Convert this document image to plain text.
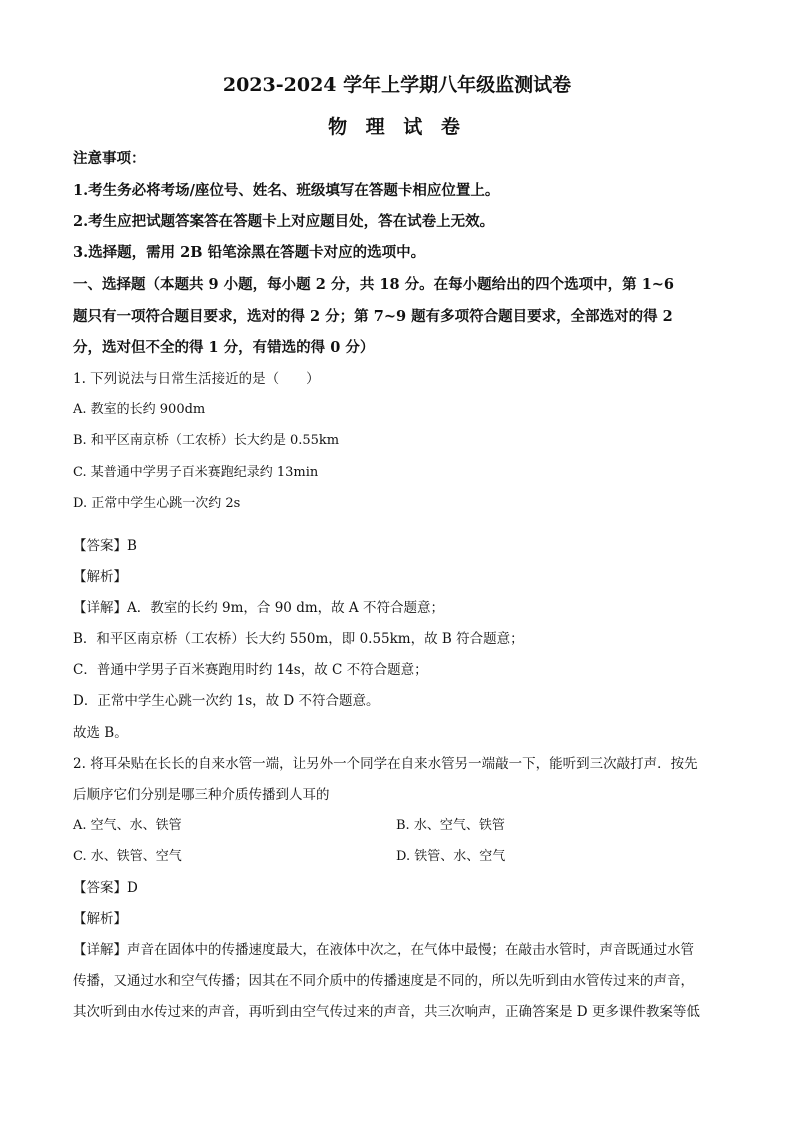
2023-2024 学年上学期八年级监测试卷
物 理 试 卷
注意事项：
1.考生务必将考场/座位号、姓名、班级填写在答题卡相应位置上。
2.考生应把试题答案答在答题卡上对应题目处，答在试卷上无效。
3.选择题，需用 2B 铅笔涂黑在答题卡对应的选项中。
一、选择题（本题共 9 小题，每小题 2 分，共 18 分。在每小题给出的四个选项中，第 1~6
题只有一项符合题目要求，选对的得 2 分；第 7~9 题有多项符合题目要求，全部选对的得 2
分，选对但不全的得 1 分，有错选的得 0 分）
1. 下列说法与日常生活接近的是（　　）
A. 教室的长约 900dm
B. 和平区南京桥（工农桥）长大约是 0.55km
C. 某普通中学男子百米赛跑纪录约 13min
D. 正常中学生心跳一次约 2s
【答案】B
【解析】
【详解】A．教室的长约 9m，合 90 dm，故 A 不符合题意；
B．和平区南京桥（工农桥）长大约 550m，即 0.55km，故 B 符合题意；
C．普通中学男子百米赛跑用时约 14s，故 C 不符合题意；
D．正常中学生心跳一次约 1s，故 D 不符合题意。
故选 B。
2. 将耳朵贴在长长的自来水管一端，让另外一个同学在自来水管另一端敲一下，能听到三次敲打声．按先
后顺序它们分别是哪三种介质传播到人耳的
A. 空气、水、铁管	B. 水、空气、铁管
C. 水、铁管、空气	D. 铁管、水、空气
【答案】D
【解析】
【详解】声音在固体中的传播速度最大，在液体中次之，在气体中最慢；在敲击水管时，声音既通过水管
传播，又通过水和空气传播；因其在不同介质中的传播速度是不同的，所以先听到由水管传过来的声音，
其次听到由水传过来的声音，再听到由空气传过来的声音，共三次响声，正确答案是 D 更多课件教案等低
